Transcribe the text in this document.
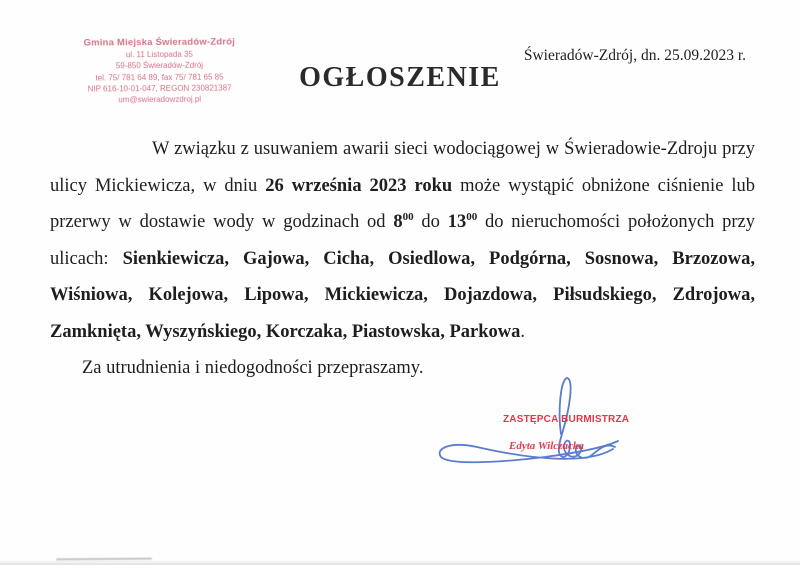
Gmina Miejska Świeradów-Zdrój
ul. 11 Listopada 35
59-850 Świeradów-Zdrój
tel. 75/ 781 64 89, fax 75/ 781 65 85
NIP 616-10-01-047, REGON 230821387
um@swieradowzdroj.pl
Świeradów-Zdrój, dn. 25.09.2023 r.
OGŁOSZENIE

W związku z usuwaniem awarii sieci wodociągowej w Świeradowie-Zdroju przy ulicy Mickiewicza, w dniu 26 września 2023 roku może wystąpić obniżone ciśnienie lub przerwy w dostawie wody w godzinach od $8^{00}$ do $13^{00}$ do nieruchomości położonych przy ulicach: Sienkiewicza, Gajowa, Cicha, Osiedlowa, Podgórna, Sosnowa, Brzozowa, Wiśniowa, Kolejowa, Lipowa, Mickiewicza, Dojazdowa, Piłsudskiego, Zdrojowa, Zamknięta, Wyszyńskiego, Korczaka, Piastowska, Parkowa.

Za utrudnienia i niedogodności przepraszamy.

ZASTĘPCA BURMISTRZA
Edyta Wilczacka
